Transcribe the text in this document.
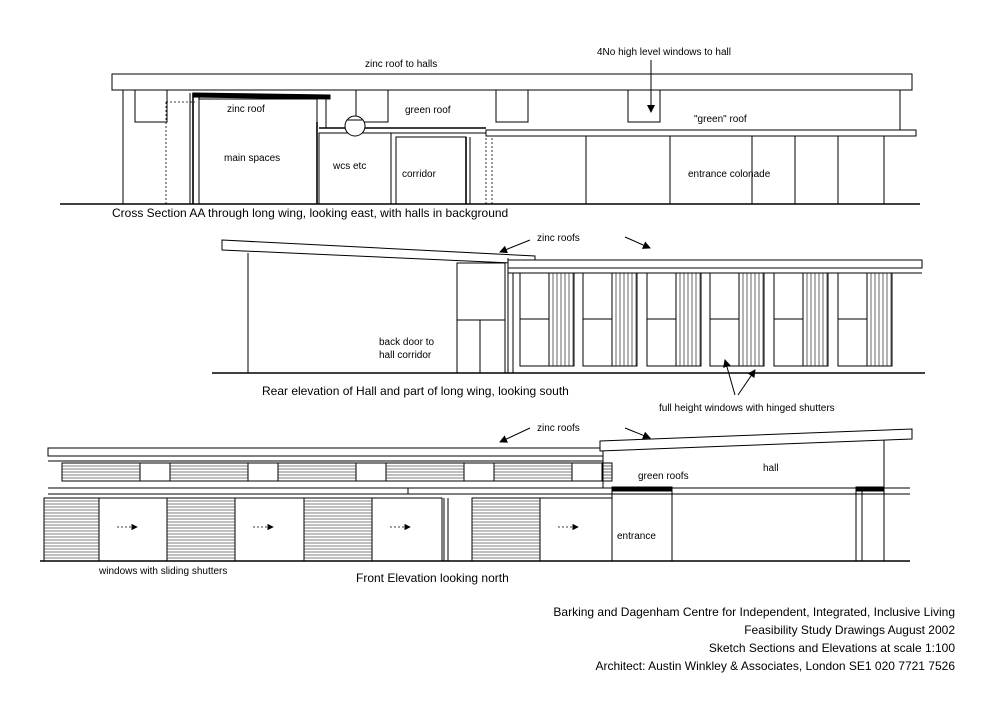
zinc roof to halls
4No high level windows to hall
zinc roof	green roof
"green" roof
main spaces
wcs etc
corridor	entrance colonade
Cross Section AA through long wing, looking east, with halls in background
zinc roofs
back door to
hall corridor
Rear elevation of Hall and part of long wing, looking south
full height windows with hinged shutters
zinc roofs
hall
green roofs
entrance
windows with sliding shutters	Front Elevation looking north
Barking and Dagenham Centre for Independent, Integrated, Inclusive Living
Feasibility Study Drawings August 2002
Sketch Sections and Elevations at scale 1:100
Architect: Austin Winkley & Associates, London SE1 020 7721 7526
